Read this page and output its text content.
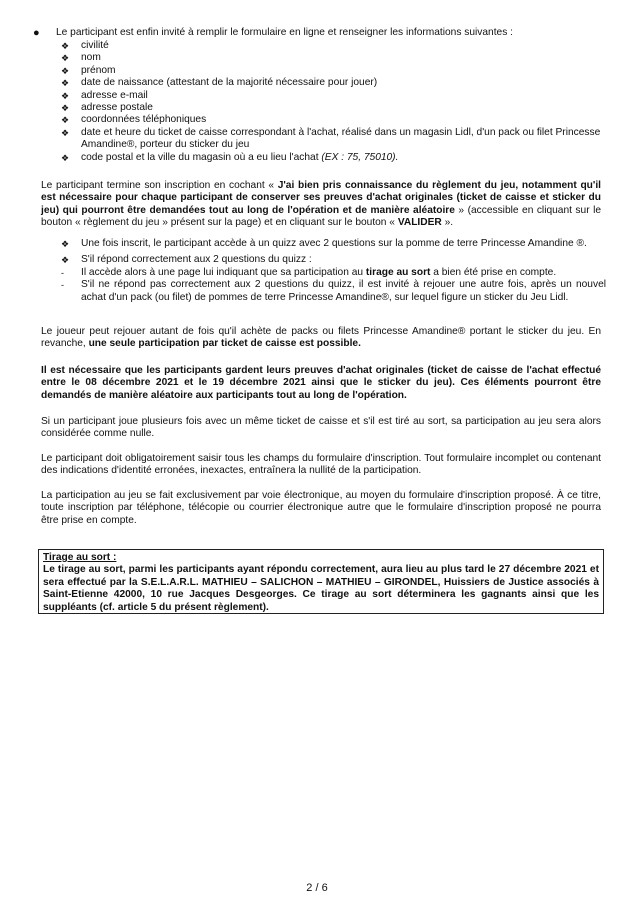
● Le participant est enfin invité à remplir le formulaire en ligne et renseigner les informations suivantes :
❖ civilité
❖ nom
❖ prénom
❖ date de naissance (attestant de la majorité nécessaire pour jouer)
❖ adresse e-mail
❖ adresse postale
❖ coordonnées téléphoniques
❖ date et heure du ticket de caisse correspondant à l'achat, réalisé dans un magasin Lidl, d'un pack ou filet Princesse Amandine®, porteur du sticker du jeu
❖ code postal et la ville du magasin où a eu lieu l'achat (EX : 75, 75010).

Le participant termine son inscription en cochant « J'ai bien pris connaissance du règlement du jeu, notamment qu'il est nécessaire pour chaque participant de conserver ses preuves d'achat originales (ticket de caisse et sticker du jeu) qui pourront être demandées tout au long de l'opération et de manière aléatoire » (accessible en cliquant sur le bouton « règlement du jeu » présent sur la page) et en cliquant sur le bouton « VALIDER ».

❖ Une fois inscrit, le participant accède à un quizz avec 2 questions sur la pomme de terre Princesse Amandine ®.
❖ S'il répond correctement aux 2 questions du quizz :
- Il accède alors à une page lui indiquant que sa participation au tirage au sort a bien été prise en compte.
- S'il ne répond pas correctement aux 2 questions du quizz, il est invité à rejouer une autre fois, après un nouvel achat d'un pack (ou filet) de pommes de terre Princesse Amandine®, sur lequel figure un sticker du Jeu Lidl.

Le joueur peut rejouer autant de fois qu'il achète de packs ou filets Princesse Amandine® portant le sticker du jeu. En revanche, une seule participation par ticket de caisse est possible.

Il est nécessaire que les participants gardent leurs preuves d'achat originales (ticket de caisse de l'achat effectué entre le 08 décembre 2021 et le 19 décembre 2021 ainsi que le sticker du jeu). Ces éléments pourront être demandés de manière aléatoire aux participants tout au long de l'opération.

Si un participant joue plusieurs fois avec un même ticket de caisse et s'il est tiré au sort, sa participation au jeu sera alors considérée comme nulle.

Le participant doit obligatoirement saisir tous les champs du formulaire d'inscription. Tout formulaire incomplet ou contenant des indications d'identité erronées, inexactes, entraînera la nullité de la participation.

La participation au jeu se fait exclusivement par voie électronique, au moyen du formulaire d'inscription proposé. À ce titre, toute inscription par téléphone, télécopie ou courrier électronique autre que le formulaire d'inscription proposé ne pourra être prise en compte.

Tirage au sort :

Le tirage au sort, parmi les participants ayant répondu correctement, aura lieu au plus tard le 27 décembre 2021 et sera effectué par la S.E.L.A.R.L. MATHIEU – SALICHON – MATHIEU – GIRONDEL, Huissiers de Justice associés à Saint-Etienne 42000, 10 rue Jacques Desgeorges. Ce tirage au sort déterminera les gagnants ainsi que les suppléants (cf. article 5 du présent règlement).

2 / 6
